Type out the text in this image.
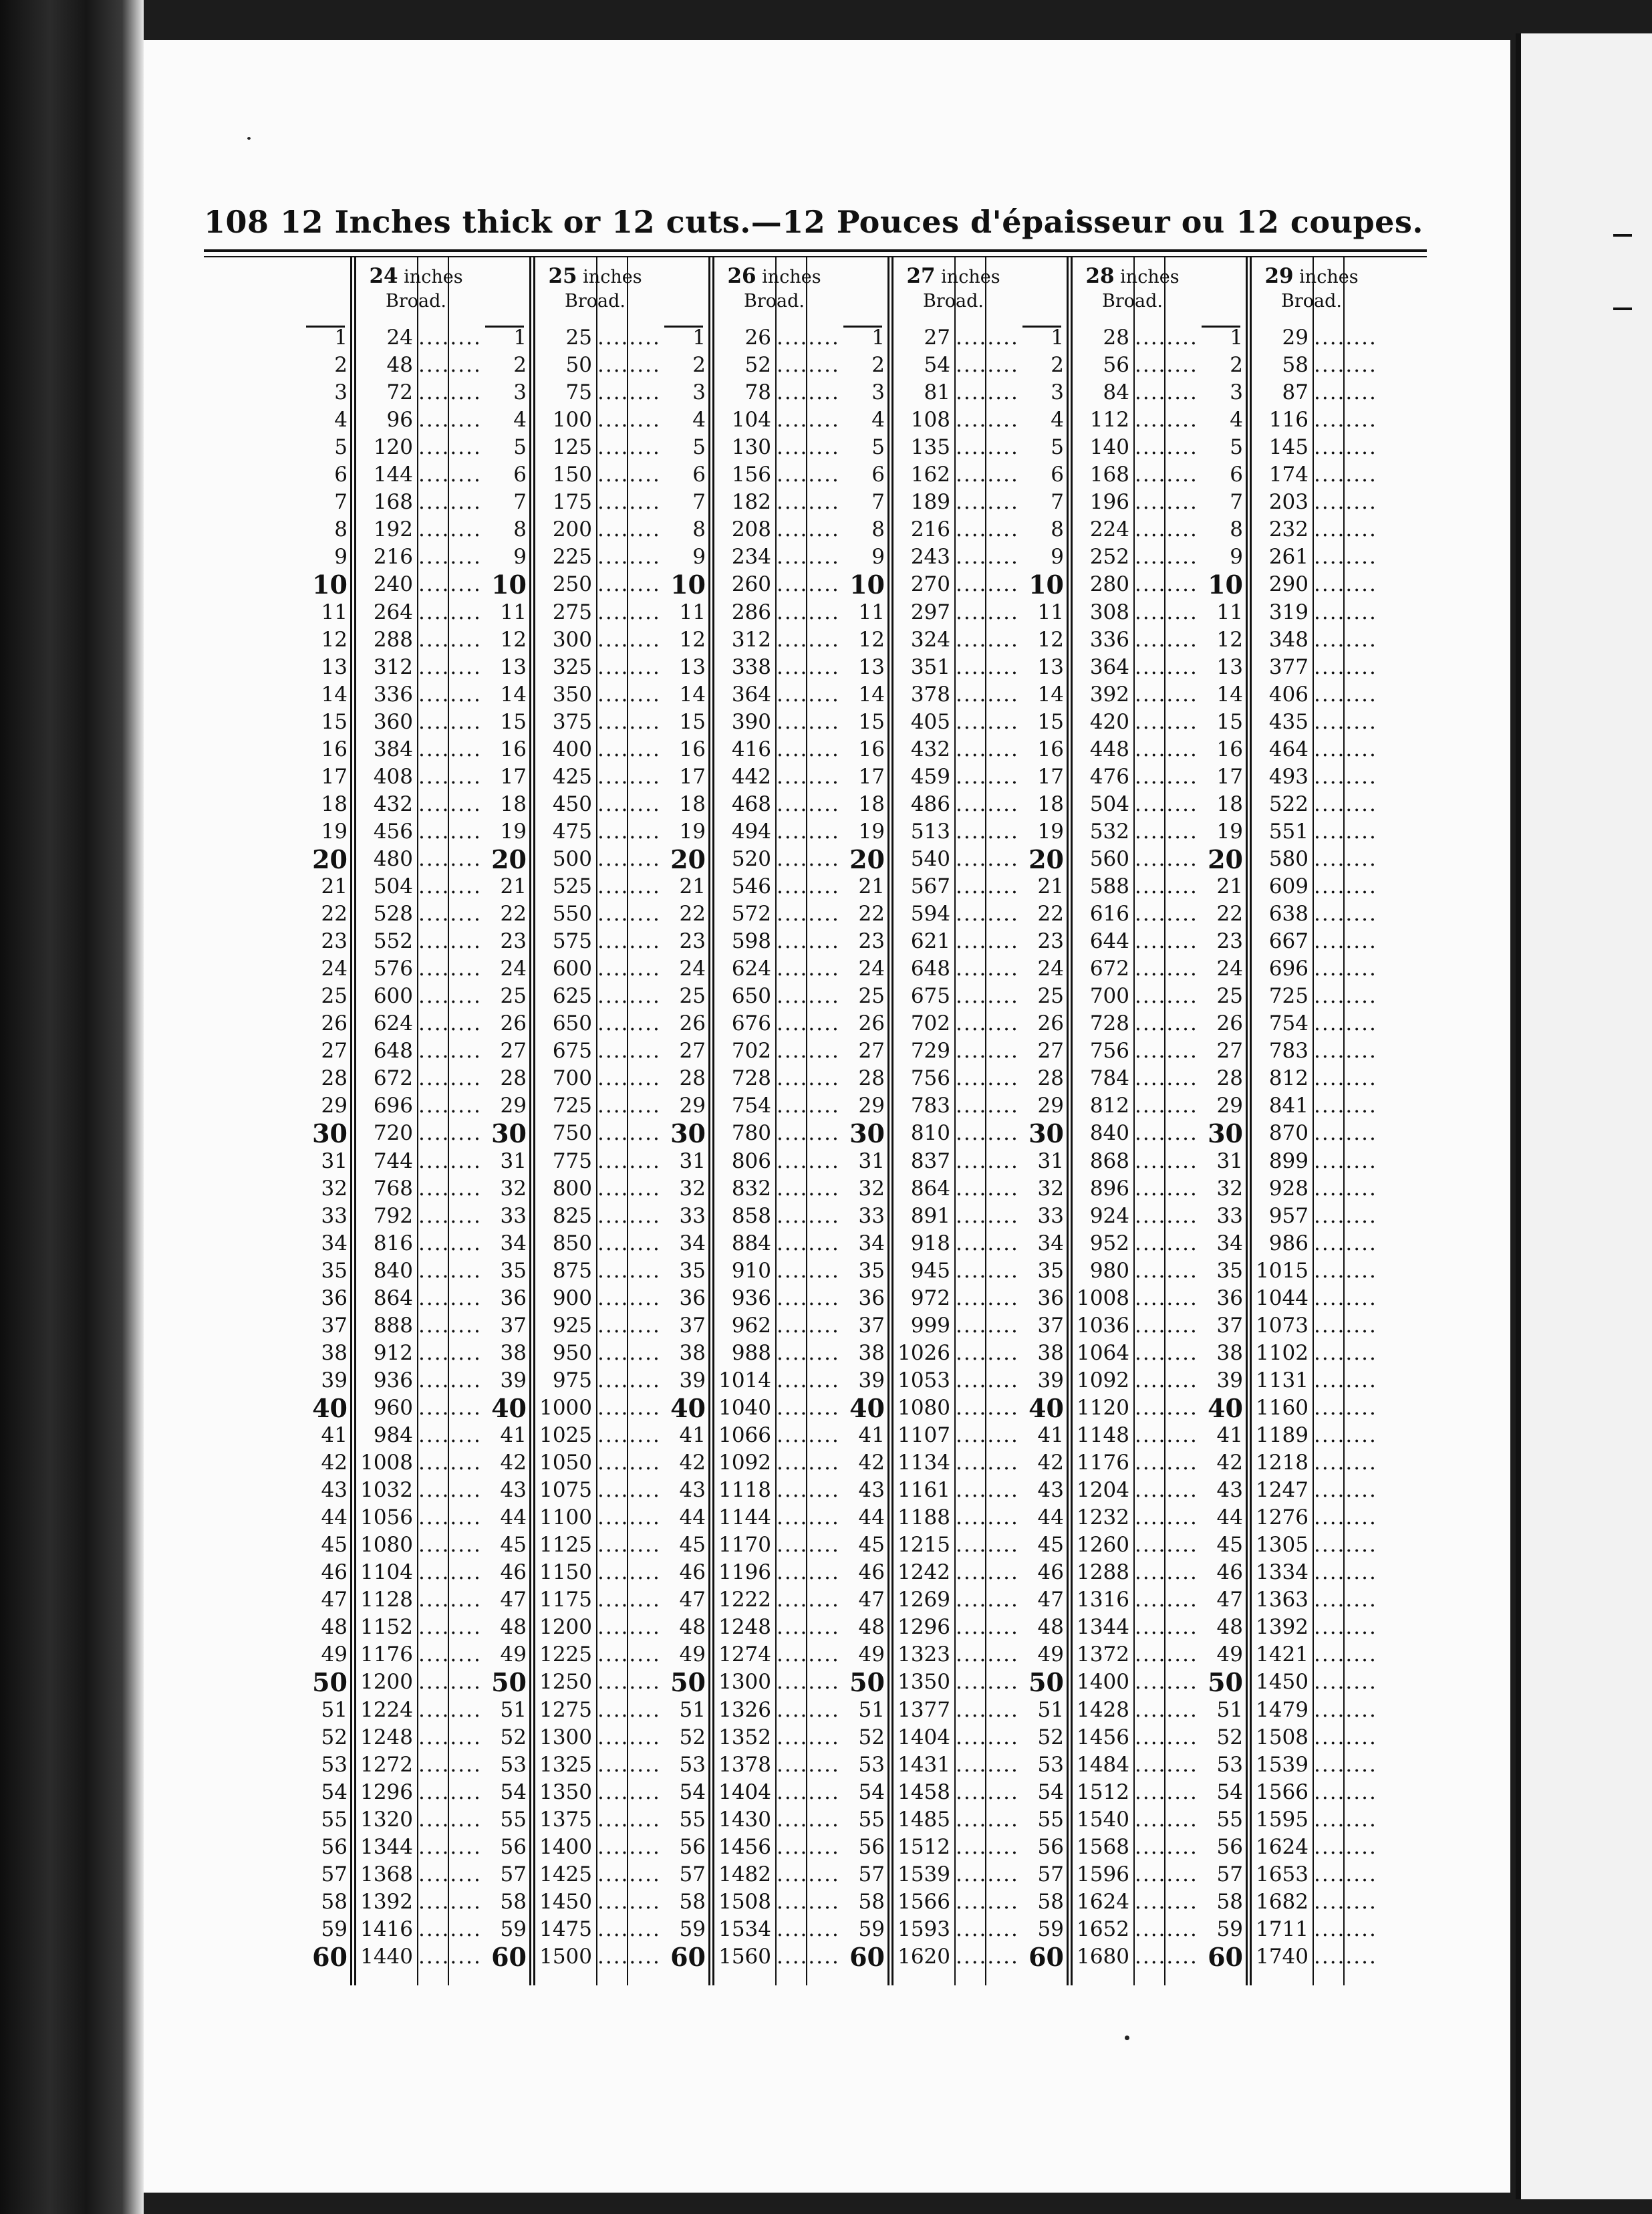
108 12 Inches thick or 12 cuts.—12 Pouces d'épaisseur ou 12 coupes.
24 inches
Broad.
1	24 ........
2	48 ........
3	72 ........
4	96 ........
5	120 ........
6	144 ........
7	168 ........
8	192 ........
9	216 ........
10	240 ........
11	264 ........
12	288 ........
13	312 ........
14	336 ........
15	360 ........
16	384 ........
17	408 ........
18	432 ........
19	456 ........
20	480 ........
21	504 ........
22	528 ........
23	552 ........
24	576 ........
25	600 ........
26	624 ........
27	648 ........
28	672 ........
29	696 ........
30	720 ........
31	744 ........
32	768 ........
33	792 ........
34	816 ........
35	840 ........
36	864 ........
37	888 ........
38	912 ........
39	936 ........
40	960 ........
41	984 ........
42 1008 ........
43 1032 ........
44 1056 ........
45 1080 ........
46 1104 ........
47 1128 ........
48 1152 ........
49 1176 ........
50 1200 ........
51 1224 ........
52 1248 ........
53 1272 ........
54 1296 ........
55 1320 ........
56 1344 ........
57 1368 ........
58 1392 ........
59 1416 ........
60 1440 ........
25 inches
Broad.
1	25 ........
2	50 ........
3	75 ........
4	100 ........
5	125 ........
6	150 ........
7	175 ........
8	200 ........
9	225 ........
10	250 ........
11	275 ........
12	300 ........
13	325 ........
14	350 ........
15	375 ........
16	400 ........
17	425 ........
18	450 ........
19	475 ........
20	500 ........
21	525 ........
22	550 ........
23	575 ........
24	600 ........
25	625 ........
26	650 ........
27	675 ........
28	700 ........
29	725 ........
30	750 ........
31	775 ........
32	800 ........
33	825 ........
34	850 ........
35	875 ........
36	900 ........
37	925 ........
38	950 ........
39	975 ........
40 1000 ........
41 1025 ........
42 1050 ........
43 1075 ........
44 1100 ........
45 1125 ........
46 1150 ........
47 1175 ........
48 1200 ........
49 1225 ........
50 1250 ........
51 1275 ........
52 1300 ........
53 1325 ........
54 1350 ........
55 1375 ........
56 1400 ........
57 1425 ........
58 1450 ........
59 1475 ........
60 1500 ........
26 inches
Broad.
1	26 ........
2	52 ........
3	78 ........
4	104 ........
5	130 ........
6	156 ........
7	182 ........
8	208 ........
9	234 ........
10	260 ........
11	286 ........
12	312 ........
13	338 ........
14	364 ........
15	390 ........
16	416 ........
17	442 ........
18	468 ........
19	494 ........
20	520 ........
21	546 ........
22	572 ........
23	598 ........
24	624 ........
25	650 ........
26	676 ........
27	702 ........
28	728 ........
29	754 ........
30	780 ........
31	806 ........
32	832 ........
33	858 ........
34	884 ........
35	910 ........
36	936 ........
37	962 ........
38	988 ........
39 1014 ........
40 1040 ........
41 1066 ........
42 1092 ........
43 1118 ........
44 1144 ........
45 1170 ........
46 1196 ........
47 1222 ........
48 1248 ........
49 1274 ........
50 1300 ........
51 1326 ........
52 1352 ........
53 1378 ........
54 1404 ........
55 1430 ........
56 1456 ........
57 1482 ........
58 1508 ........
59 1534 ........
60 1560 ........
27 inches
Broad.
1	27 ........
2	54 ........
3	81 ........
4	108 ........
5	135 ........
6	162 ........
7	189 ........
8	216 ........
9	243 ........
10	270 ........
11	297 ........
12	324 ........
13	351 ........
14	378 ........
15	405 ........
16	432 ........
17	459 ........
18	486 ........
19	513 ........
20	540 ........
21	567 ........
22	594 ........
23	621 ........
24	648 ........
25	675 ........
26	702 ........
27	729 ........
28	756 ........
29	783 ........
30	810 ........
31	837 ........
32	864 ........
33	891 ........
34	918 ........
35	945 ........
36	972 ........
37	999 ........
38 1026 ........
39 1053 ........
40 1080 ........
41 1107 ........
42 1134 ........
43 1161 ........
44 1188 ........
45 1215 ........
46 1242 ........
47 1269 ........
48 1296 ........
49 1323 ........
50 1350 ........
51 1377 ........
52 1404 ........
53 1431 ........
54 1458 ........
55 1485 ........
56 1512 ........
57 1539 ........
58 1566 ........
59 1593 ........
60 1620 ........
28 inches
Broad.
1	28 ........
2	56 ........
3	84 ........
4	112 ........
5	140 ........
6	168 ........
7	196 ........
8	224 ........
9	252 ........
10	280 ........
11	308 ........
12	336 ........
13	364 ........
14	392 ........
15	420 ........
16	448 ........
17	476 ........
18	504 ........
19	532 ........
20	560 ........
21	588 ........
22	616 ........
23	644 ........
24	672 ........
25	700 ........
26	728 ........
27	756 ........
28	784 ........
29	812 ........
30	840 ........
31	868 ........
32	896 ........
33	924 ........
34	952 ........
35	980 ........
36 1008 ........
37 1036 ........
38 1064 ........
39 1092 ........
40 1120 ........
41 1148 ........
42 1176 ........
43 1204 ........
44 1232 ........
45 1260 ........
46 1288 ........
47 1316 ........
48 1344 ........
49 1372 ........
50 1400 ........
51 1428 ........
52 1456 ........
53 1484 ........
54 1512 ........
55 1540 ........
56 1568 ........
57 1596 ........
58 1624 ........
59 1652 ........
60 1680 ........
29 inches
Broad.
1	29 ........
2	58 ........
3	87 ........
4	116 ........
5	145 ........
6	174 ........
7	203 ........
8	232 ........
9	261 ........
10	290 ........
11	319 ........
12	348 ........
13	377 ........
14	406 ........
15	435 ........
16	464 ........
17	493 ........
18	522 ........
19	551 ........
20	580 ........
21	609 ........
22	638 ........
23	667 ........
24	696 ........
25	725 ........
26	754 ........
27	783 ........
28	812 ........
29	841 ........
30	870 ........
31	899 ........
32	928 ........
33	957 ........
34	986 ........
35 1015 ........
36 1044 ........
37 1073 ........
38 1102 ........
39 1131 ........
40 1160 ........
41 1189 ........
42 1218 ........
43 1247 ........
44 1276 ........
45 1305 ........
46 1334 ........
47 1363 ........
48 1392 ........
49 1421 ........
50 1450 ........
51 1479 ........
52 1508 ........
53 1539 ........
54 1566 ........
55 1595 ........
56 1624 ........
57 1653 ........
58 1682 ........
59 1711 ........
60 1740 ........
